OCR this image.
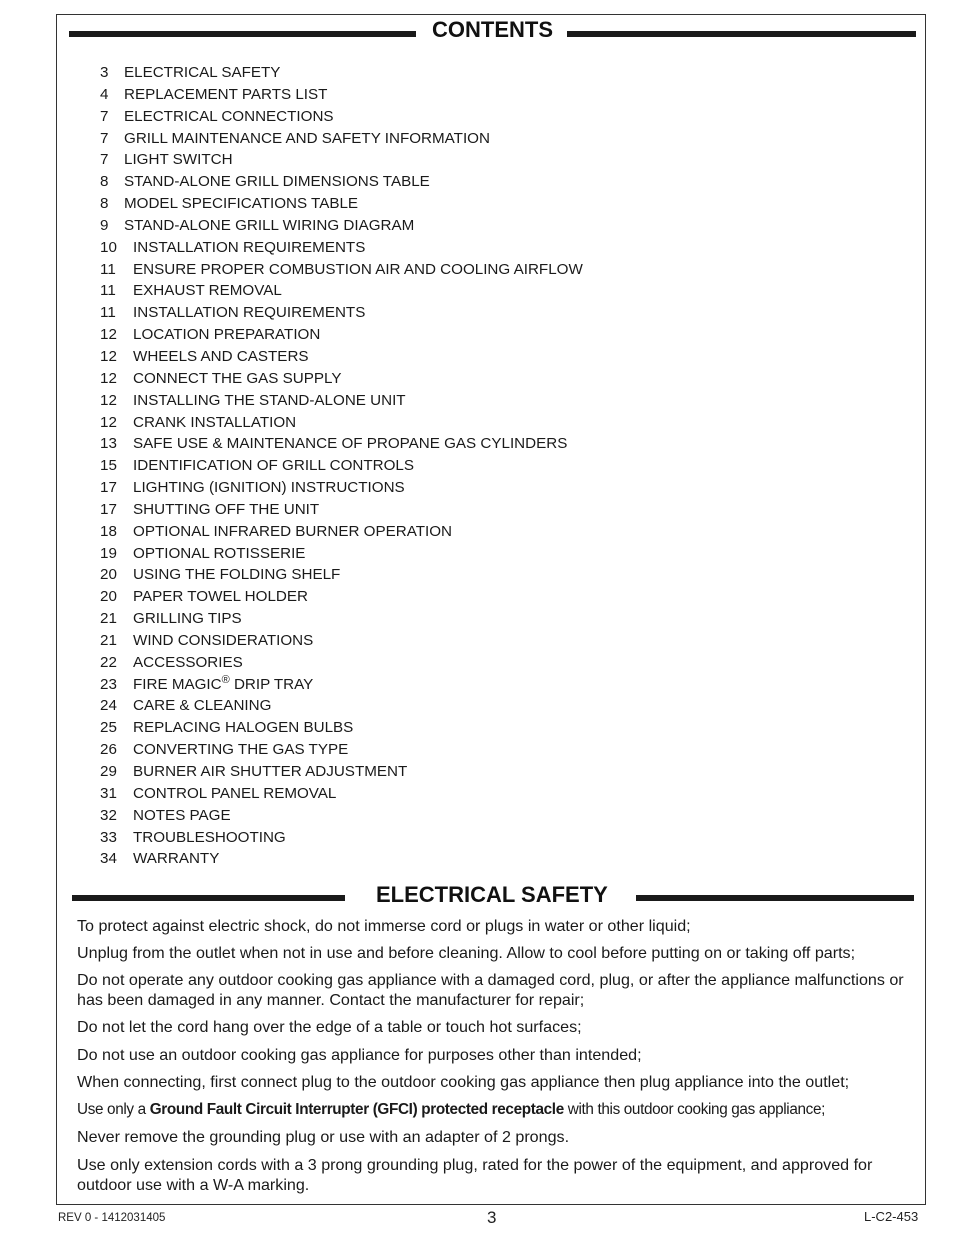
CONTENTS
3 ELECTRICAL SAFETY
4 REPLACEMENT PARTS LIST
7 ELECTRICAL CONNECTIONS
7 GRILL MAINTENANCE AND SAFETY INFORMATION
7 LIGHT SWITCH
8 STAND-ALONE GRILL DIMENSIONS TABLE
8 MODEL SPECIFICATIONS TABLE
9 STAND-ALONE GRILL WIRING DIAGRAM
10 INSTALLATION REQUIREMENTS
11 ENSURE PROPER COMBUSTION AIR AND COOLING AIRFLOW
11 EXHAUST REMOVAL
11 INSTALLATION REQUIREMENTS
12 LOCATION PREPARATION
12 WHEELS AND CASTERS
12 CONNECT THE GAS SUPPLY
12 INSTALLING THE STAND-ALONE UNIT
12 CRANK INSTALLATION
13 SAFE USE & MAINTENANCE OF PROPANE GAS CYLINDERS
15 IDENTIFICATION OF GRILL CONTROLS
17 LIGHTING (IGNITION) INSTRUCTIONS
17 SHUTTING OFF THE UNIT
18 OPTIONAL INFRARED BURNER OPERATION
19 OPTIONAL ROTISSERIE
20 USING THE FOLDING SHELF
20 PAPER TOWEL HOLDER
21 GRILLING TIPS
21 WIND CONSIDERATIONS
22 ACCESSORIES
23 FIRE MAGIC® DRIP TRAY
24 CARE & CLEANING
25 REPLACING HALOGEN BULBS
26 CONVERTING THE GAS TYPE
29 BURNER AIR SHUTTER ADJUSTMENT
31 CONTROL PANEL REMOVAL
32 NOTES PAGE
33 TROUBLESHOOTING
34 WARRANTY
ELECTRICAL SAFETY

To protect against electric shock, do not immerse cord or plugs in water or other liquid;

Unplug from the outlet when not in use and before cleaning. Allow to cool before putting on or taking off parts;

Do not operate any outdoor cooking gas appliance with a damaged cord, plug, or after the appliance malfunctions or has been damaged in any manner. Contact the manufacturer for repair;

Do not let the cord hang over the edge of a table or touch hot surfaces;

Do not use an outdoor cooking gas appliance for purposes other than intended;

When connecting, first connect plug to the outdoor cooking gas appliance then plug appliance into the outlet;

Use only a Ground Fault Circuit Interrupter (GFCI) protected receptacle with this outdoor cooking gas appliance;

Never remove the grounding plug or use with an adapter of 2 prongs.

Use only extension cords with a 3 prong grounding plug, rated for the power of the equipment, and approved for outdoor use with a W-A marking.

REV 0 - 1412031405	3	L-C2-453
